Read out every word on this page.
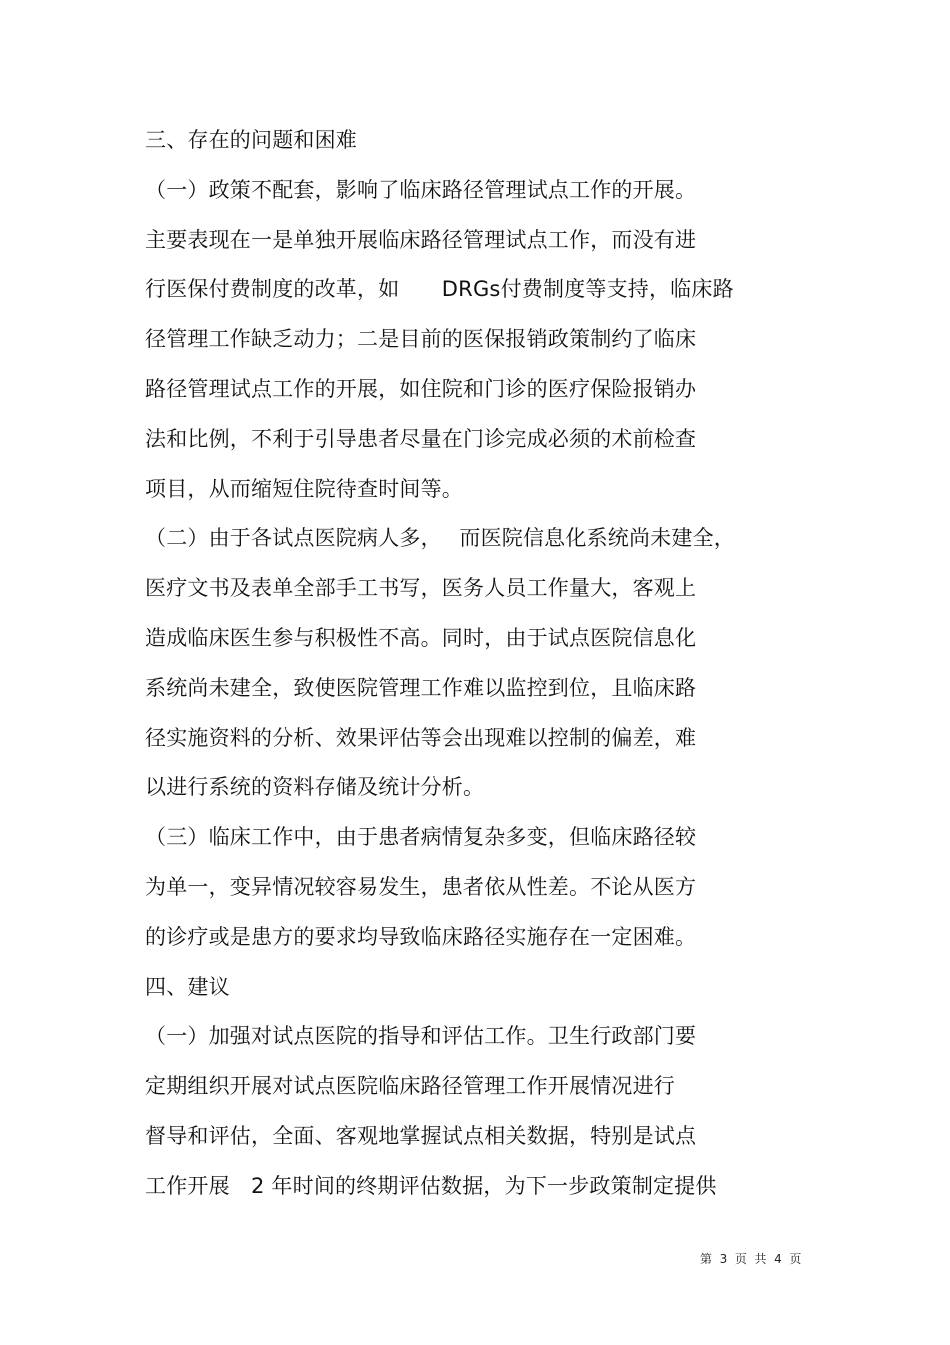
三、存在的问题和困难
（一）政策不配套，影响了临床路径管理试点工作的开展。
主要表现在一是单独开展临床路径管理试点工作，而没有进
行医保付费制度的改革，如　　DRGs付费制度等支持，临床路
径管理工作缺乏动力；二是目前的医保报销政策制约了临床
路径管理试点工作的开展，如住院和门诊的医疗保险报销办
法和比例，不利于引导患者尽量在门诊完成必须的术前检查
项目，从而缩短住院待查时间等。
（二）由于各试点医院病人多，　 而医院信息化系统尚未建全，
医疗文书及表单全部手工书写，医务人员工作量大，客观上
造成临床医生参与积极性不高。同时，由于试点医院信息化
系统尚未建全，致使医院管理工作难以监控到位，且临床路
径实施资料的分析、效果评估等会出现难以控制的偏差，难
以进行系统的资料存储及统计分析。
（三）临床工作中，由于患者病情复杂多变，但临床路径较
为单一，变异情况较容易发生，患者依从性差。不论从医方
的诊疗或是患方的要求均导致临床路径实施存在一定困难。
四、建议
（一）加强对试点医院的指导和评估工作。卫生行政部门要
定期组织开展对试点医院临床路径管理工作开展情况进行
督导和评估，全面、客观地掌握试点相关数据，特别是试点
工作开展　2 年时间的终期评估数据，为下一步政策制定提供
第  3  页  共  4  页
